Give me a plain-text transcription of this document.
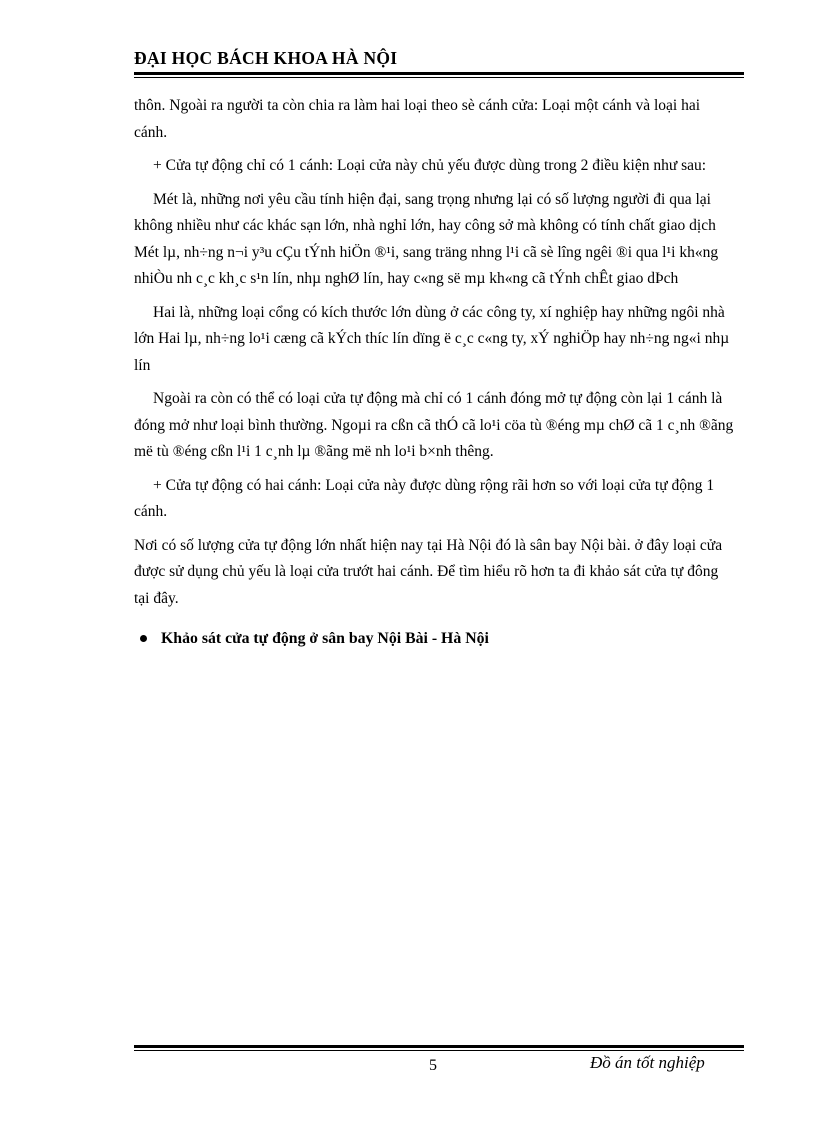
ĐẠI HỌC BÁCH KHOA HÀ NỘI

thôn. Ngoài ra người ta còn chia ra làm hai loại theo sè cánh cửa: Loại một cánh và loại hai cánh.

+ Cửa tự động chỉ có 1 cánh: Loại cửa này chủ yếu được dùng trong 2 điều kiện như sau:

Mét là, những nơi yêu cầu tính hiện đại, sang trọng nhưng lại có số lượng người đi qua lại không nhiều như các khác sạn lớn, nhà nghỉ lớn, hay công sở mà không có tính chất giao dịch Mét lµ, nh÷ng n¬i y³u cÇu tÝnh hiÖn ®¹i, sang träng nhng l¹i cã sè lîng ngêi ®i qua l¹i kh«ng nhiÒu nh c¸c kh¸c s¹n lín, nhµ nghØ lín, hay c«ng së mµ kh«ng cã tÝnh chÊt giao dÞch

Hai là, những loại cổng có kích thước lớn dùng ở các công ty, xí nghiệp hay những ngôi nhà lớn Hai lµ, nh÷ng lo¹i cæng cã kÝch thíc lín dïng ë c¸c c«ng ty, xÝ nghiÖp hay nh÷ng ng«i nhµ lín

Ngoài ra còn có thể có loại cửa tự động mà chỉ có 1 cánh đóng mở tự động còn lại 1 cánh là đóng mở như loại bình thường. Ngoµi ra cßn cã thÓ cã lo¹i cöa tù ®éng mµ chØ cã 1 c¸nh ®ãng më tù ®éng cßn l¹i 1 c¸nh lµ ®ãng më nh lo¹i b×nh thêng.

+ Cửa tự động có hai cánh: Loại cửa này được dùng rộng rãi hơn so với loại cửa tự động 1 cánh.

Nơi có số lượng cửa tự động lớn nhất hiện nay tại Hà Nội đó là sân bay Nội bài. ở đây loại cửa được sử dụng chủ yếu là loại cửa trướt hai cánh. Để tìm hiểu rõ hơn ta đi khảo sát cửa tự đông tại đây.

Khảo sát cửa tự động ở sân bay Nội Bài - Hà Nội
5	Đồ án tốt nghiệp
